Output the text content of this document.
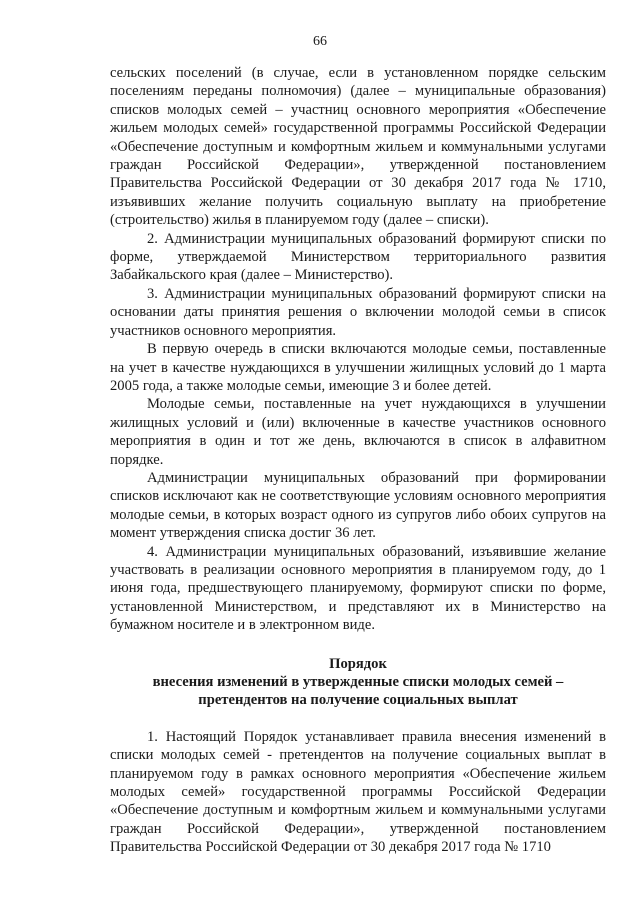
66

сельских поселений (в случае, если в установленном порядке сельским поселениям переданы полномочия) (далее – муниципальные образования) списков молодых семей – участниц основного мероприятия «Обеспечение жильем молодых семей» государственной программы Российской Федерации «Обеспечение доступным и комфортным жильем и коммунальными услугами граждан Российской Федерации», утвержденной постановлением Правительства Российской Федерации от 30 декабря 2017 года № 1710, изъявивших желание получить социальную выплату на приобретение (строительство) жилья в планируемом году (далее – списки).

2. Администрации муниципальных образований формируют списки по форме, утверждаемой Министерством территориального развития Забайкальского края (далее – Министерство).

3. Администрации муниципальных образований формируют списки на основании даты принятия решения о включении молодой семьи в список участников основного мероприятия.

В первую очередь в списки включаются молодые семьи, поставленные на учет в качестве нуждающихся в улучшении жилищных условий до 1 марта 2005 года, а также молодые семьи, имеющие 3 и более детей.

Молодые семьи, поставленные на учет нуждающихся в улучшении жилищных условий и (или) включенные в качестве участников основного мероприятия в один и тот же день, включаются в список в алфавитном порядке.

Администрации муниципальных образований при формировании списков исключают как не соответствующие условиям основного мероприятия молодые семьи, в которых возраст одного из супругов либо обоих супругов на момент утверждения списка достиг 36 лет.

4. Администрации муниципальных образований, изъявившие желание участвовать в реализации основного мероприятия в планируемом году, до 1 июня года, предшествующего планируемому, формируют списки по форме, установленной Министерством, и представляют их в Министерство на бумажном носителе и в электронном виде.

Порядок
внесения изменений в утвержденные списки молодых семей –
претендентов на получение социальных выплат

1. Настоящий Порядок устанавливает правила внесения изменений в списки молодых семей - претендентов на получение социальных выплат в планируемом году в рамках основного мероприятия «Обеспечение жильем молодых семей» государственной программы Российской Федерации «Обеспечение доступным и комфортным жильем и коммунальными услугами граждан Российской Федерации», утвержденной постановлением Правительства Российской Федерации от 30 декабря 2017 года № 1710
